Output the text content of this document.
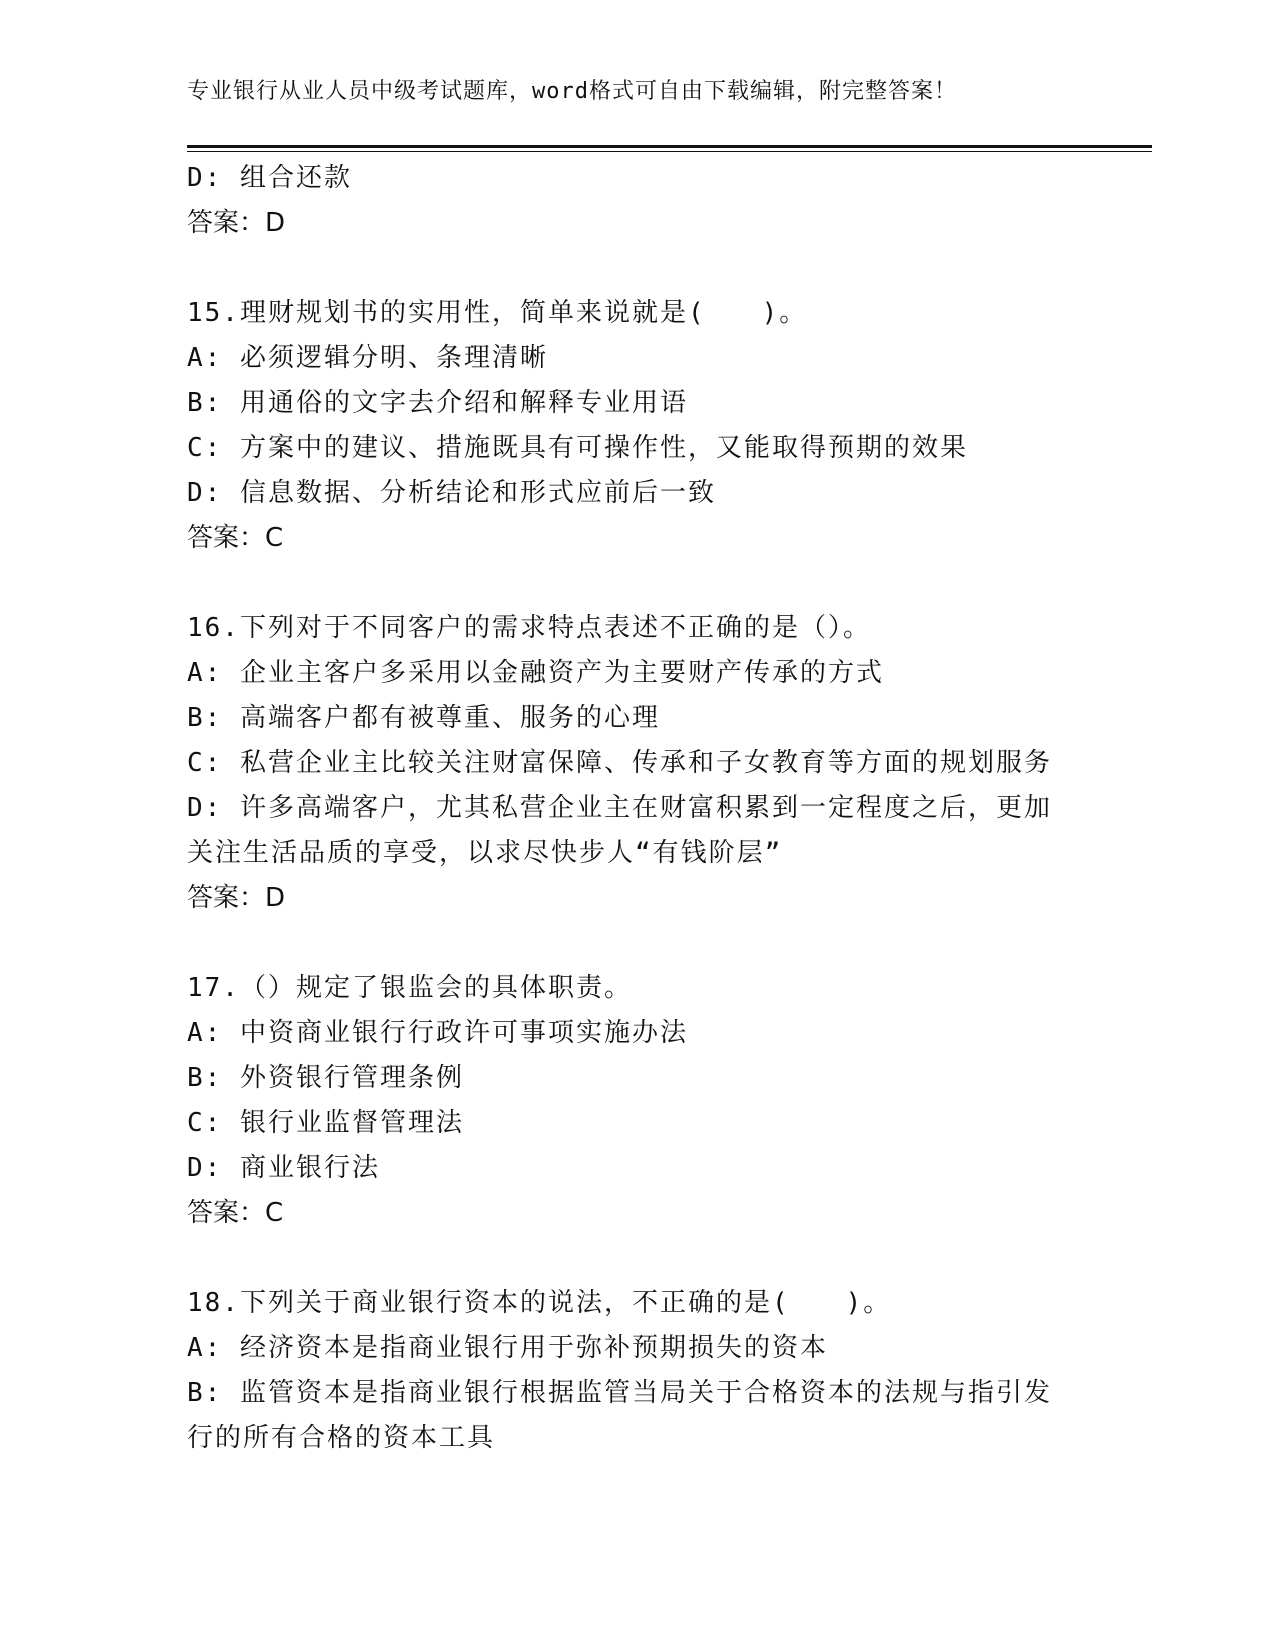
专业银行从业人员中级考试题库，word格式可自由下载编辑，附完整答案！
D: 组合还款
答案：D
15.理财规划书的实用性，简单来说就是(　　)。
A: 必须逻辑分明、条理清晰
B: 用通俗的文字去介绍和解释专业用语
C: 方案中的建议、措施既具有可操作性，又能取得预期的效果
D: 信息数据、分析结论和形式应前后一致
答案：C
16.下列对于不同客户的需求特点表述不正确的是（）。
A: 企业主客户多采用以金融资产为主要财产传承的方式
B: 高端客户都有被尊重、服务的心理
C: 私营企业主比较关注财富保障、传承和子女教育等方面的规划服务
D: 许多高端客户，尤其私营企业主在财富积累到一定程度之后，更加
关注生活品质的享受，以求尽快步人“有钱阶层”
答案：D
17.（）规定了银监会的具体职责。
A: 中资商业银行行政许可事项实施办法
B: 外资银行管理条例
C: 银行业监督管理法
D: 商业银行法
答案：C
18.下列关于商业银行资本的说法，不正确的是(　　)。
A: 经济资本是指商业银行用于弥补预期损失的资本
B: 监管资本是指商业银行根据监管当局关于合格资本的法规与指引发
行的所有合格的资本工具
